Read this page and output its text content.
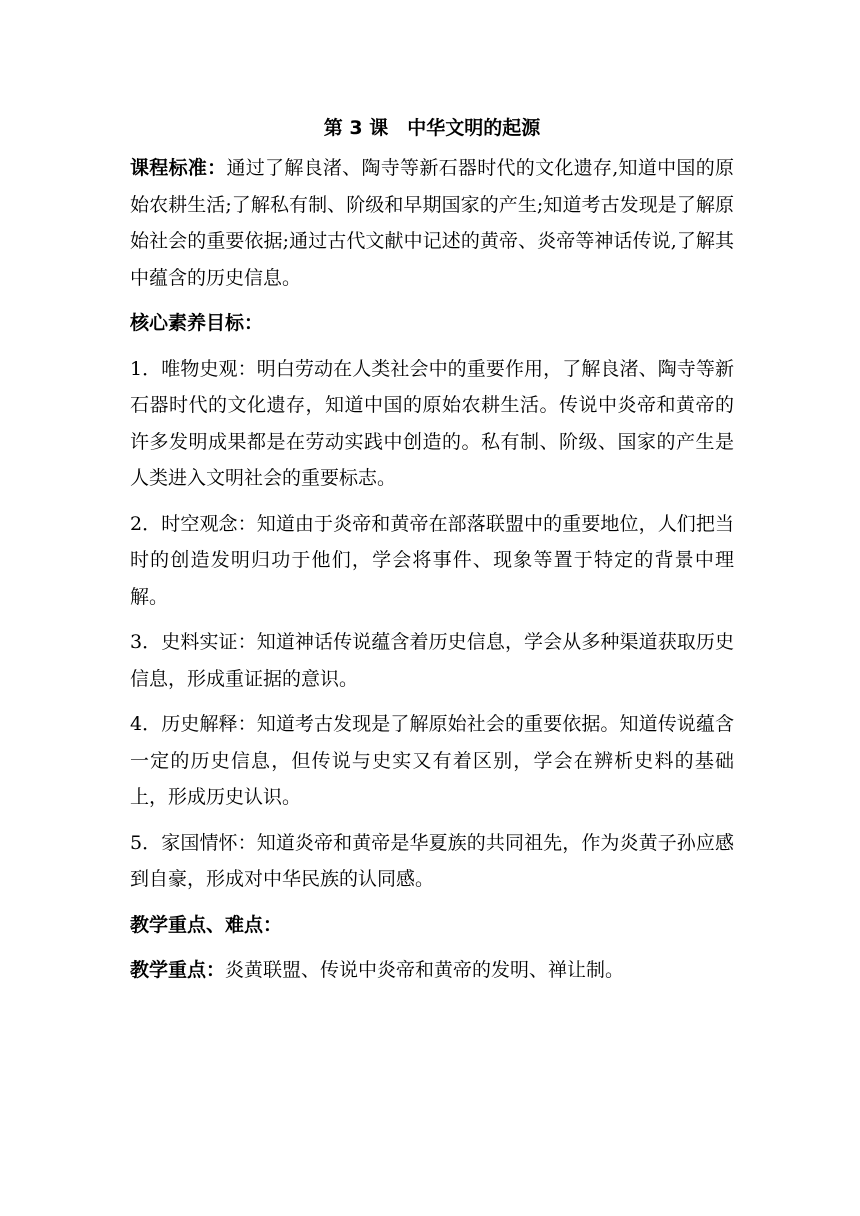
第 3 课　中华文明的起源

课程标准：通过了解良渚、陶寺等新石器时代的文化遗存,知道中国的原始农耕生活;了解私有制、阶级和早期国家的产生;知道考古发现是了解原始社会的重要依据;通过古代文献中记述的黄帝、炎帝等神话传说,了解其中蕴含的历史信息。

核心素养目标：

1．唯物史观：明白劳动在人类社会中的重要作用，了解良渚、陶寺等新石器时代的文化遗存，知道中国的原始农耕生活。传说中炎帝和黄帝的许多发明成果都是在劳动实践中创造的。私有制、阶级、国家的产生是人类进入文明社会的重要标志。

2．时空观念：知道由于炎帝和黄帝在部落联盟中的重要地位，人们把当时的创造发明归功于他们，学会将事件、现象等置于特定的背景中理解。

3．史料实证：知道神话传说蕴含着历史信息，学会从多种渠道获取历史信息，形成重证据的意识。

4．历史解释：知道考古发现是了解原始社会的重要依据。知道传说蕴含一定的历史信息，但传说与史实又有着区别，学会在辨析史料的基础上，形成历史认识。

5．家国情怀：知道炎帝和黄帝是华夏族的共同祖先，作为炎黄子孙应感到自豪，形成对中华民族的认同感。

教学重点、难点：

教学重点：炎黄联盟、传说中炎帝和黄帝的发明、禅让制。
